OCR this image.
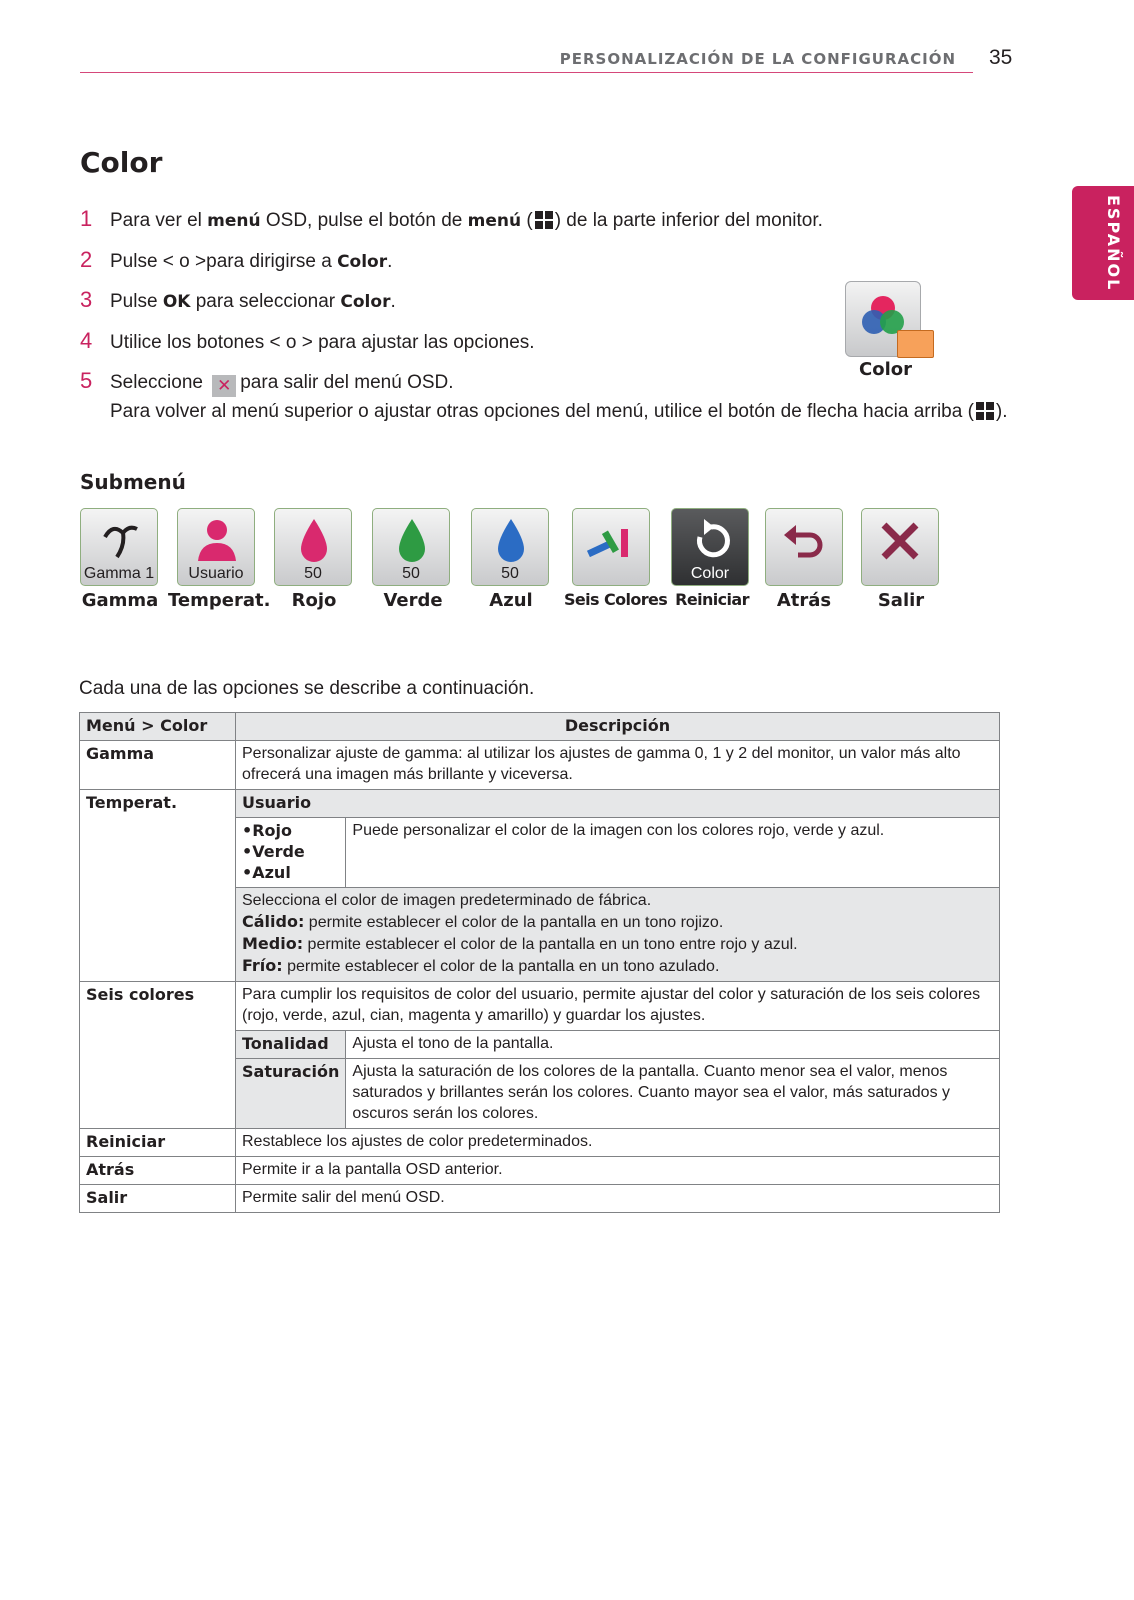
PERSONALIZACIÓN DE LA CONFIGURACIÓN 35
ESPAÑOL
Color
1 Para ver el menú OSD, pulse el botón de menú ( ) de la parte inferior del monitor.
2 Pulse < o >para dirigirse a Color.
3 Pulse OK para seleccionar Color.
4 Utilice los botones < o > para ajustar las opciones.
5 Seleccione ✕ para salir del menú OSD.
Para volver al menú superior o ajustar otras opciones del menú, utilice el botón de flecha hacia arriba ( ).
Color
Submenú
Gamma 1	Usuario	50	50	50	Color
Gamma Temperat.	Rojo	Verde	Azul	Seis Colores Reiniciar	Atrás	Salir
Cada una de las opciones se describe a continuación.
Menú > Color	Descripción	
Gamma	Personalizar ajuste de gamma: al utilizar los ajustes de gamma 0, 1 y 2 del monitor, un valor más alto ofrecerá una imagen más brillante y viceversa.	
Temperat.	Usuario	

	•Rojo
•Verde
•Azul	Puede personalizar el color de la imagen con los colores rojo, verde y azul.

	Selecciona el color de imagen predeterminado de fábrica.
Cálido: permite establecer el color de la pantalla en un tono rojizo.
Medio: permite establecer el color de la pantalla en un tono entre rojo y azul.
Frío: permite establecer el color de la pantalla en un tono azulado.	

Seis colores	Para cumplir los requisitos de color del usuario, permite ajustar del color y saturación de los seis colores (rojo, verde, azul, cian, magenta y amarillo) y guardar los ajustes.	
	Tonalidad	Ajusta el tono de la pantalla.
	Saturación	Ajusta la saturación de los colores de la pantalla. Cuanto menor sea el valor, menos saturados y brillantes serán los colores. Cuanto mayor sea el valor, más saturados y oscuros serán los colores.
Reiniciar	Restablece los ajustes de color predeterminados.	
Atrás	Permite ir a la pantalla OSD anterior.	
Salir	Permite salir del menú OSD.	
